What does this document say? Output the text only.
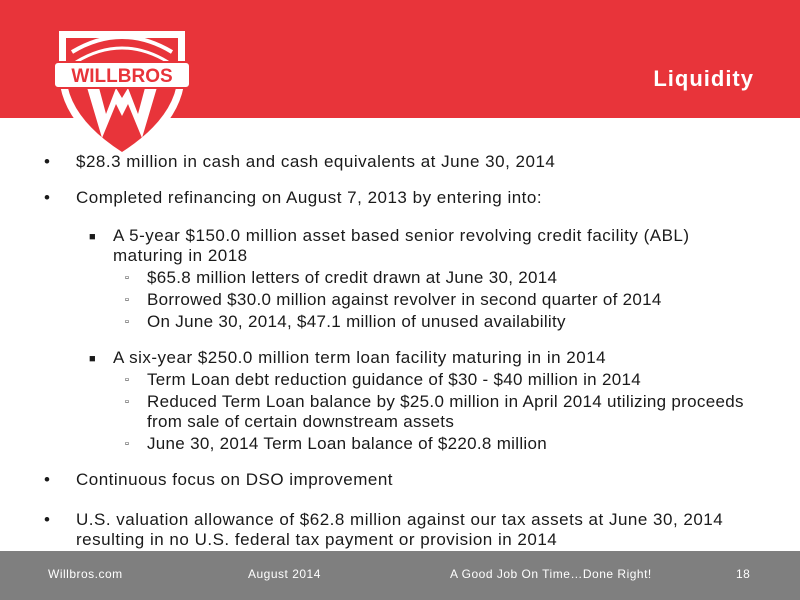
WILLBROS	Liquidity
• $28.3 million in cash and cash equivalents at June 30, 2014
• Completed refinancing on August 7, 2013 by entering into:
■ A 5-year $150.0 million asset based senior revolving credit facility (ABL) maturing in 2018
▫ $65.8 million letters of credit drawn at June 30, 2014
▫ Borrowed $30.0 million against revolver in second quarter of 2014
▫ On June 30, 2014, $47.1 million of unused availability
■ A six-year $250.0 million term loan facility maturing in in 2014
▫ Term Loan debt reduction guidance of $30 - $40 million in 2014
▫ Reduced Term Loan balance by $25.0 million in April 2014 utilizing proceeds from sale of certain downstream assets
▫ June 30, 2014 Term Loan balance of $220.8 million
• Continuous focus on DSO improvement
• U.S. valuation allowance of $62.8 million against our tax assets at June 30, 2014 resulting in no U.S. federal tax payment or provision in 2014
Willbros.com	August 2014	A Good Job On Time…Done Right!	18
